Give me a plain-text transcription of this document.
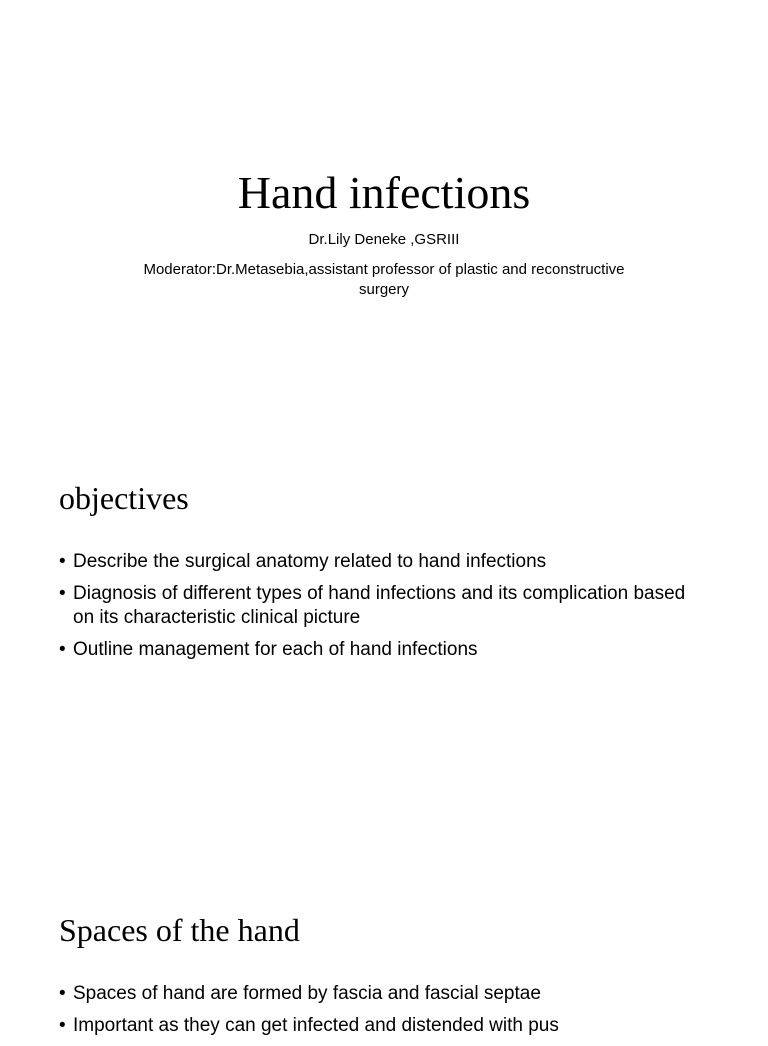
Hand infections
Dr.Lily Deneke ,GSRIII
Moderator:Dr.Metasebia,assistant professor of plastic and reconstructive surgery
objectives
• Describe the surgical anatomy related to hand infections
• Diagnosis of different types of hand infections and its complication based on its characteristic clinical picture
• Outline management for each of hand infections
Spaces of the hand
• Spaces of hand are formed by fascia and fascial septae
• Important as they can get infected and distended with pus
